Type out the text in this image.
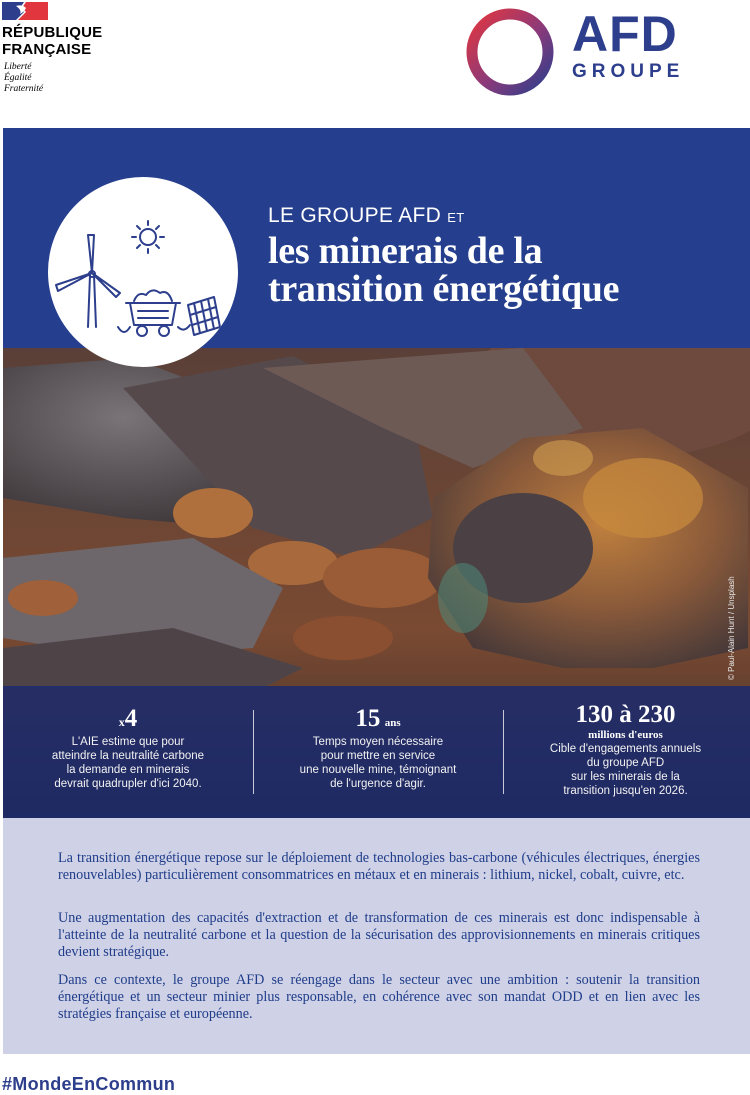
RÉPUBLIQUE
FRANÇAISE
Liberté
Égalité
Fraternité
AFD
GROUPE
LE GROUPE AFD ET
les minerais de la
transition énergétique
x4
L'AIE estime que pour
atteindre la neutralité carbone
la demande en minerais
devrait quadrupler d'ici 2040.
15 ans
Temps moyen nécessaire
pour mettre en service
une nouvelle mine, témoignant
de l'urgence d'agir.
130 à 230
millions d'euros
Cible d'engagements annuels
du groupe AFD
sur les minerais de la
transition jusqu'en 2026.
© Paul-Alain Hunt / Unsplash

La transition énergétique repose sur le déploiement de technologies bas-carbone (véhicules électriques, énergies renouvelables) particulièrement consommatrices en métaux et en minerais : lithium, nickel, cobalt, cuivre, etc.

Une augmentation des capacités d'extraction et de transformation de ces minerais est donc indispensable à l'atteinte de la neutralité carbone et la question de la sécurisation des approvisionnements en minerais critiques devient stratégique.

Dans ce contexte, le groupe AFD se réengage dans le secteur avec une ambition : soutenir la transition énergétique et un secteur minier plus responsable, en cohérence avec son mandat ODD et en lien avec les stratégies française et européenne.

#MondeEnCommun
